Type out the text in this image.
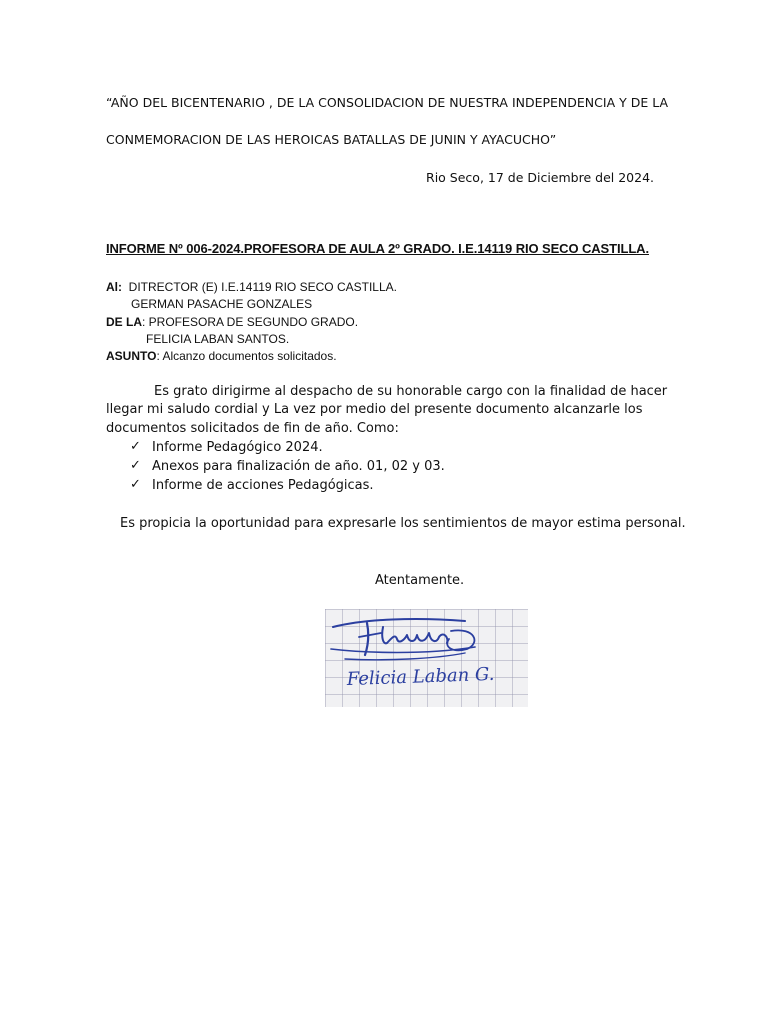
“AÑO DEL BICENTENARIO , DE LA CONSOLIDACION DE NUESTRA INDEPENDENCIA Y DE LA
CONMEMORACION DE LAS HEROICAS BATALLAS DE JUNIN Y AYACUCHO”
Rio Seco, 17 de Diciembre del 2024.
INFORME Nº 006-2024.PROFESORA DE AULA 2º GRADO. I.E.14119 RIO SECO CASTILLA.
Al: DITRECTOR (E) I.E.14119 RIO SECO CASTILLA.
GERMAN PASACHE GONZALES
DE LA: PROFESORA DE SEGUNDO GRADO.
FELICIA LABAN SANTOS.
ASUNTO: Alcanzo documentos solicitados.
Es grato dirigirme al despacho de su honorable cargo con la finalidad de hacer
llegar mi saludo cordial y La vez por medio del presente documento alcanzarle los
documentos solicitados de fin de año. Como:
✓ Informe Pedagógico 2024.
✓ Anexos para finalización de año. 01, 02 y 03.
✓ Informe de acciones Pedagógicas.
Es propicia la oportunidad para expresarle los sentimientos de mayor estima personal.
Atentamente.
Felicia Laban G.
